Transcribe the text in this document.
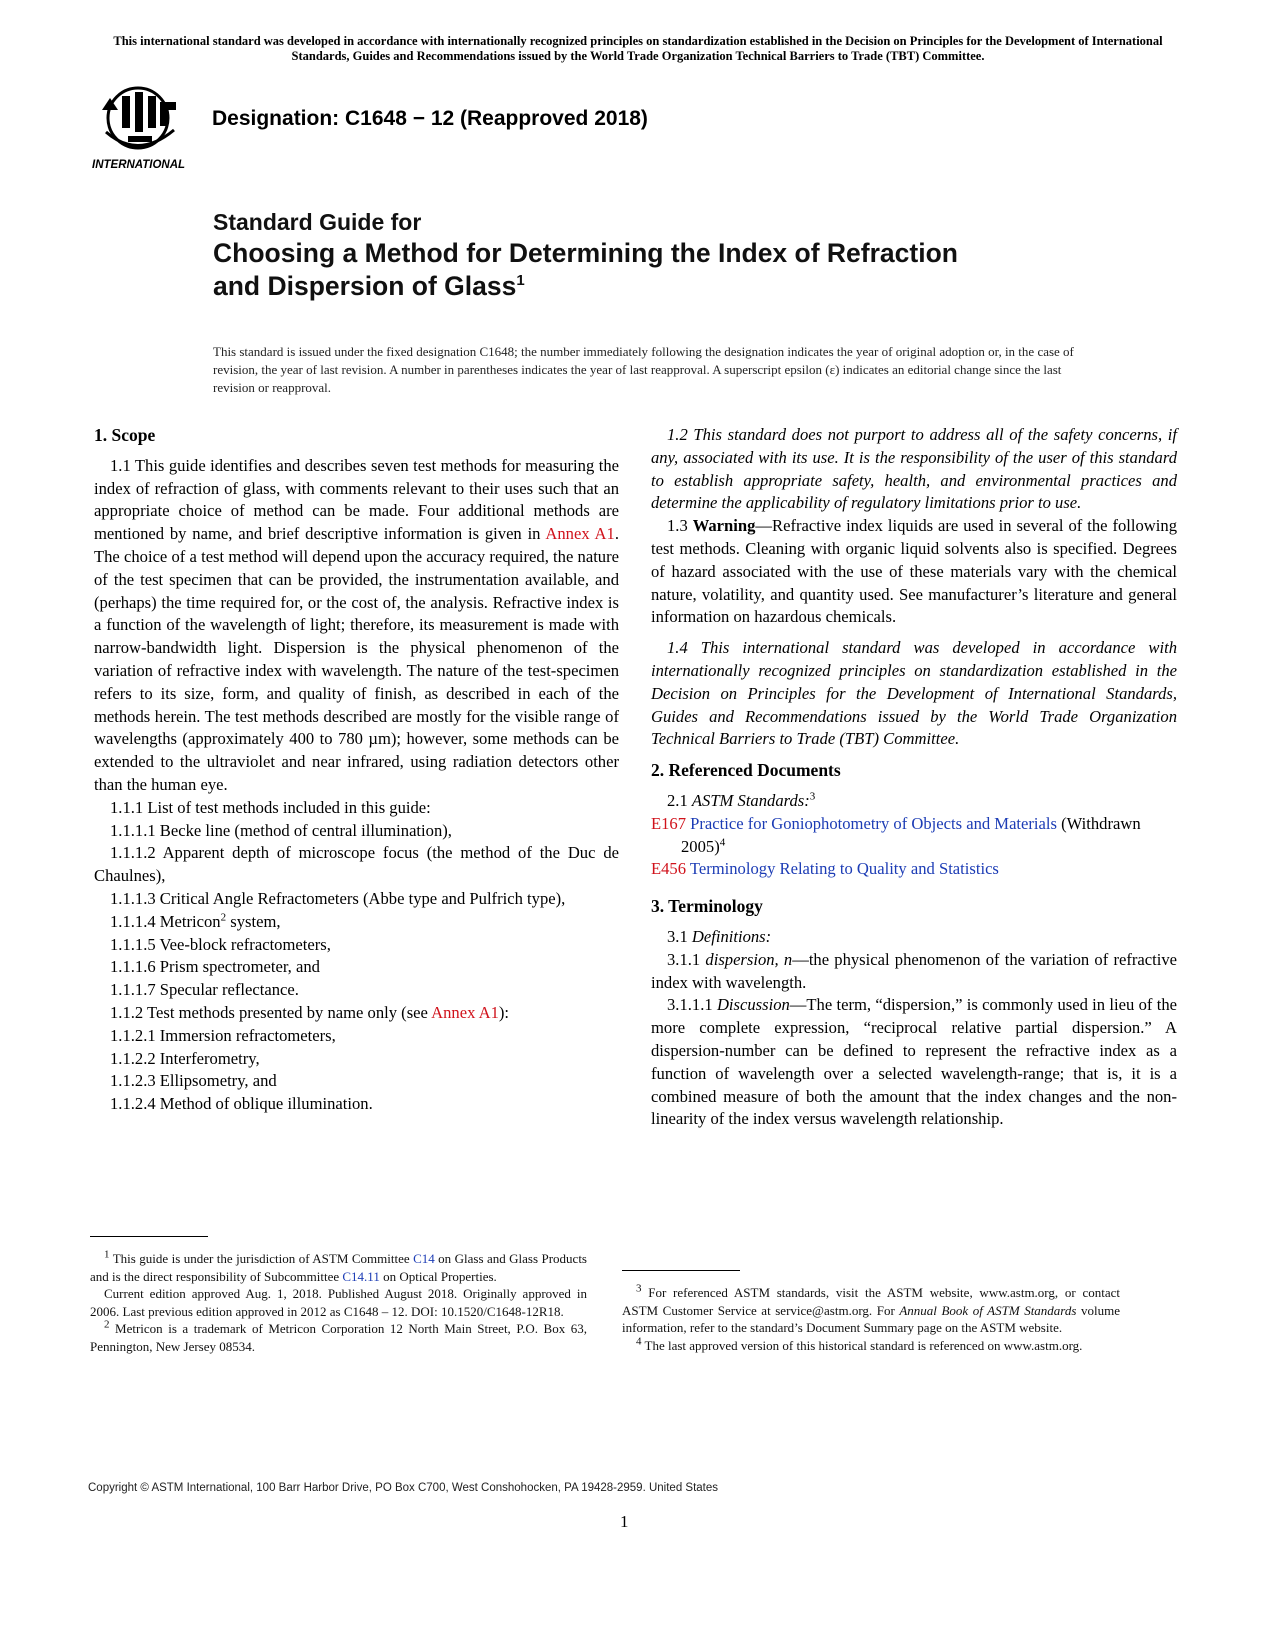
This international standard was developed in accordance with internationally recognized principles on standardization established in the Decision on Principles for the Development of International Standards, Guides and Recommendations issued by the World Trade Organization Technical Barriers to Trade (TBT) Committee.
INTERNATIONAL
Designation: C1648 − 12 (Reapproved 2018)
Standard Guide for
Choosing a Method for Determining the Index of Refraction
and Dispersion of Glass$^1$
This standard is issued under the fixed designation C1648; the number immediately following the designation indicates the year of original adoption or, in the case of revision, the year of last revision. A number in parentheses indicates the year of last reapproval. A superscript epsilon (ε) indicates an editorial change since the last revision or reapproval.

1. Scope

1.1 This guide identifies and describes seven test methods for measuring the index of refraction of glass, with comments relevant to their uses such that an appropriate choice of method can be made. Four additional methods are mentioned by name, and brief descriptive information is given in Annex A1. The choice of a test method will depend upon the accuracy required, the nature of the test specimen that can be provided, the instrumentation available, and (perhaps) the time required for, or the cost of, the analysis. Refractive index is a function of the wavelength of light; therefore, its measurement is made with narrow-bandwidth light. Dispersion is the physical phenomenon of the variation of refractive index with wavelength. The nature of the test-specimen refers to its size, form, and quality of finish, as described in each of the methods herein. The test methods described are mostly for the visible range of wavelengths (approximately 400 to 780 µm); however, some methods can be extended to the ultraviolet and near infrared, using radiation detectors other than the human eye.

1.1.1 List of test methods included in this guide:

1.1.1.1 Becke line (method of central illumination),

1.1.1.2 Apparent depth of microscope focus (the method of the Duc de Chaulnes),

1.1.1.3 Critical Angle Refractometers (Abbe type and Pulfrich type),

1.1.1.4 Metricon$^2$ system,

1.1.1.5 Vee-block refractometers,

1.1.1.6 Prism spectrometer, and

1.1.1.7 Specular reflectance.

1.1.2 Test methods presented by name only (see Annex A1):

1.1.2.1 Immersion refractometers,

1.1.2.2 Interferometry,

1.1.2.3 Ellipsometry, and

1.1.2.4 Method of oblique illumination.

1.2 This standard does not purport to address all of the safety concerns, if any, associated with its use. It is the responsibility of the user of this standard to establish appropriate safety, health, and environmental practices and determine the applicability of regulatory limitations prior to use.

1.3 Warning—Refractive index liquids are used in several of the following test methods. Cleaning with organic liquid solvents also is specified. Degrees of hazard associated with the use of these materials vary with the chemical nature, volatility, and quantity used. See manufacturer’s literature and general information on hazardous chemicals.

1.4 This international standard was developed in accordance with internationally recognized principles on standardization established in the Decision on Principles for the Development of International Standards, Guides and Recommendations issued by the World Trade Organization Technical Barriers to Trade (TBT) Committee.

2. Referenced Documents

2.1 ASTM Standards:$^3$

E167 Practice for Goniophotometry of Objects and Materials (Withdrawn 2005)$^4$

E456 Terminology Relating to Quality and Statistics

3. Terminology

3.1 Definitions:

3.1.1 dispersion, n—the physical phenomenon of the variation of refractive index with wavelength.

3.1.1.1 Discussion—The term, “dispersion,” is commonly used in lieu of the more complete expression, “reciprocal relative partial dispersion.” A dispersion-number can be defined to represent the refractive index as a function of wavelength over a selected wavelength-range; that is, it is a combined measure of both the amount that the index changes and the non-linearity of the index versus wavelength relationship.

$^1$ This guide is under the jurisdiction of ASTM Committee C14 on Glass and Glass Products and is the direct responsibility of Subcommittee C14.11 on Optical Properties.

Current edition approved Aug. 1, 2018. Published August 2018. Originally approved in 2006. Last previous edition approved in 2012 as C1648 – 12. DOI: 10.1520/C1648-12R18.

$^2$ Metricon is a trademark of Metricon Corporation 12 North Main Street, P.O. Box 63, Pennington, New Jersey 08534.

$^3$ For referenced ASTM standards, visit the ASTM website, www.astm.org, or contact ASTM Customer Service at service@astm.org. For Annual Book of ASTM Standards volume information, refer to the standard’s Document Summary page on the ASTM website.

$^4$ The last approved version of this historical standard is referenced on www.astm.org.

Copyright © ASTM International, 100 Barr Harbor Drive, PO Box C700, West Conshohocken, PA 19428-2959. United States
1
